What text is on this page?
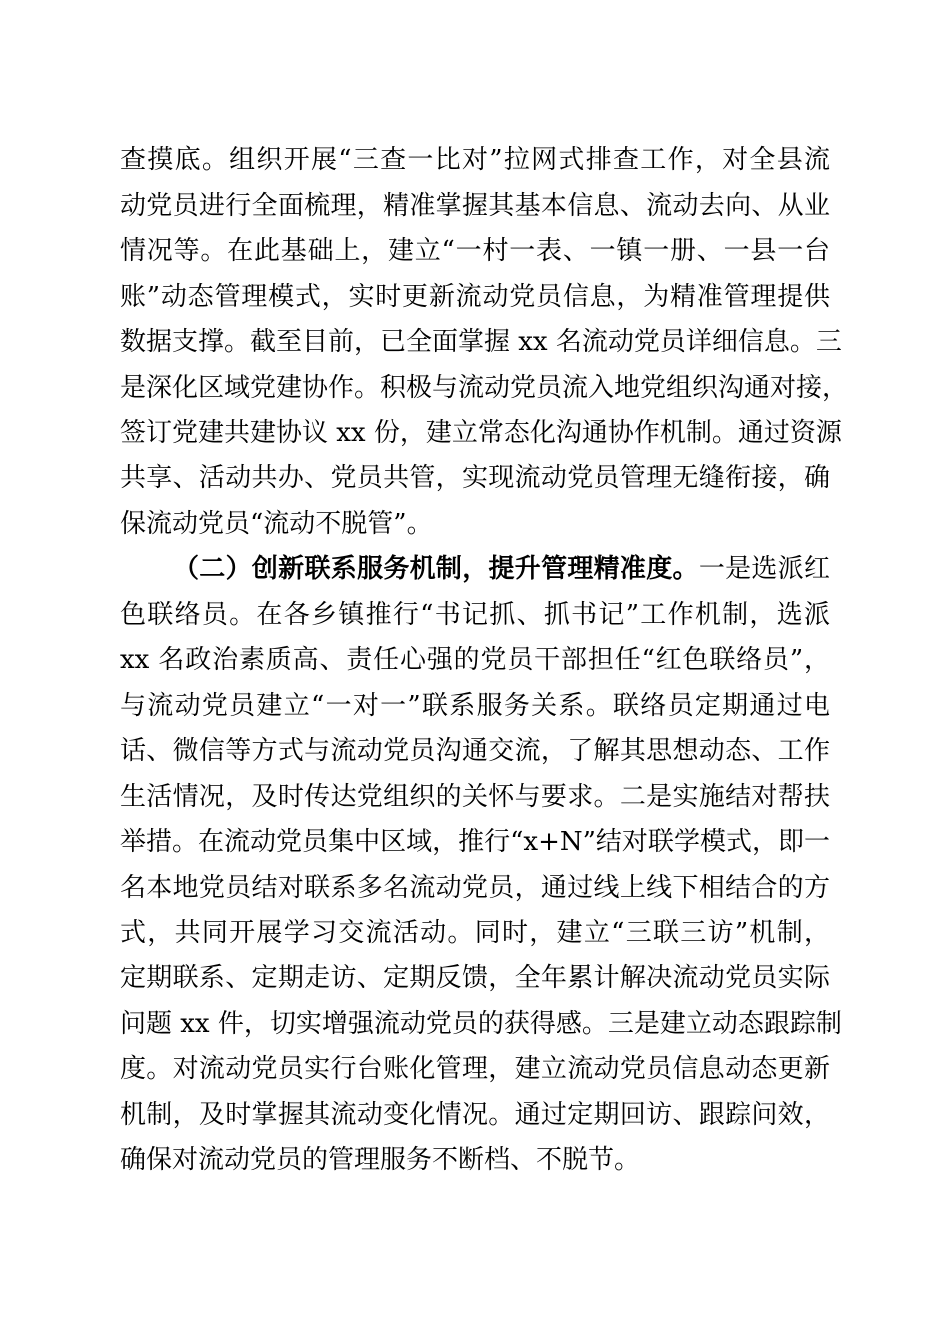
查摸底。组织开展“三查一比对”拉网式排查工作，对全县流
动党员进行全面梳理，精准掌握其基本信息、流动去向、从业
情况等。在此基础上，建立“一村一表、一镇一册、一县一台
账”动态管理模式，实时更新流动党员信息，为精准管理提供
数据支撑。截至目前，已全面掌握 xx 名流动党员详细信息。三
是深化区域党建协作。积极与流动党员流入地党组织沟通对接，
签订党建共建协议 xx 份，建立常态化沟通协作机制。通过资源
共享、活动共办、党员共管，实现流动党员管理无缝衔接，确
保流动党员“流动不脱管”。
（二）创新联系服务机制，提升管理精准度。一是选派红
色联络员。在各乡镇推行“书记抓、抓书记”工作机制，选派
xx 名政治素质高、责任心强的党员干部担任“红色联络员”，
与流动党员建立“一对一”联系服务关系。联络员定期通过电
话、微信等方式与流动党员沟通交流，了解其思想动态、工作
生活情况，及时传达党组织的关怀与要求。二是实施结对帮扶
举措。在流动党员集中区域，推行“x+N”结对联学模式，即一
名本地党员结对联系多名流动党员，通过线上线下相结合的方
式，共同开展学习交流活动。同时，建立“三联三访”机制，
定期联系、定期走访、定期反馈，全年累计解决流动党员实际
问题 xx 件，切实增强流动党员的获得感。三是建立动态跟踪制
度。对流动党员实行台账化管理，建立流动党员信息动态更新
机制，及时掌握其流动变化情况。通过定期回访、跟踪问效，
确保对流动党员的管理服务不断档、不脱节。
